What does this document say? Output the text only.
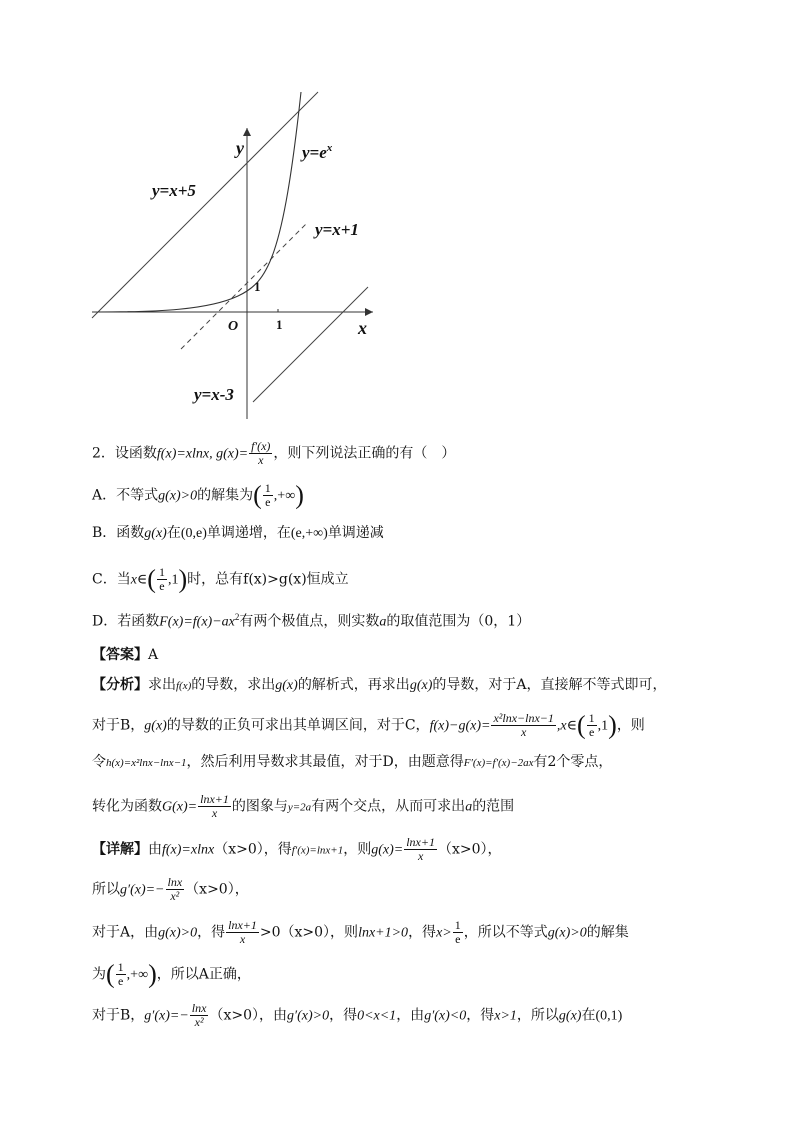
y
x
O
1
1
$y=e^x$
y=x+5
y=x+1
y=x-3
2．设函数f(x)=xlnx, $g(x)= \frac{f'(x)}{x}$ ，则下列说法正确的有（　）
A．不等式g(x)>0的解集为( $\frac{1}{e}$ ,+∞)
B．函数g(x)在(0,e)单调递增，在(e,+∞)单调递减
C．当x∈( $\frac{1}{e} ,1$)时，总有f(x)>g(x)恒成立
D．若函数$F(x)=f(x)-ax^2$有两个极值点，则实数a的取值范围为（0，1）
【答案】A
【分析】求出f(x)的导数，求出g(x)的解析式，再求出g(x)的导数，对于A，直接解不等式即可，
对于B，g(x)的导数的正负可求出其单调区间，对于C，$f(x)-g(x)= \frac{\text{x²lnx−lnx−1}}{x}$ ,x∈( $\frac{1}{e} ,1$)，则
令h(x)=x²lnx−lnx−1，然后利用导数求其最值，对于D，由题意得F′(x)=f′(x)−2ax有2个零点，
转化为函数$G(x)= \frac{\ln x+1}{x}$ 的图象与y=2a有两个交点，从而可求出a的范围
【详解】由f(x)=xlnx（x>0），得f′(x)=lnx+1，则$g(x)= \frac{\ln x+1}{x} (x>0)$，
所以$g'(x)=- \frac{\ln x}{\text{x²}} (x>0)$，
对于A，由g(x)>0，得 $\frac{\ln x+1}{x} >0(x>0)$，则lnx+1>0，得$x> \frac{1}{e}$ ，所以不等式g(x)>0的解集
为( $\frac{1}{e}$ ,+∞)，所以A正确，
对于B，$g'(x)=- \frac{\ln x}{\text{x²}} (x>0)$，由g′(x)>0，得0<x<1，由g′(x)<0，得x>1，所以g(x)在(0,1)
